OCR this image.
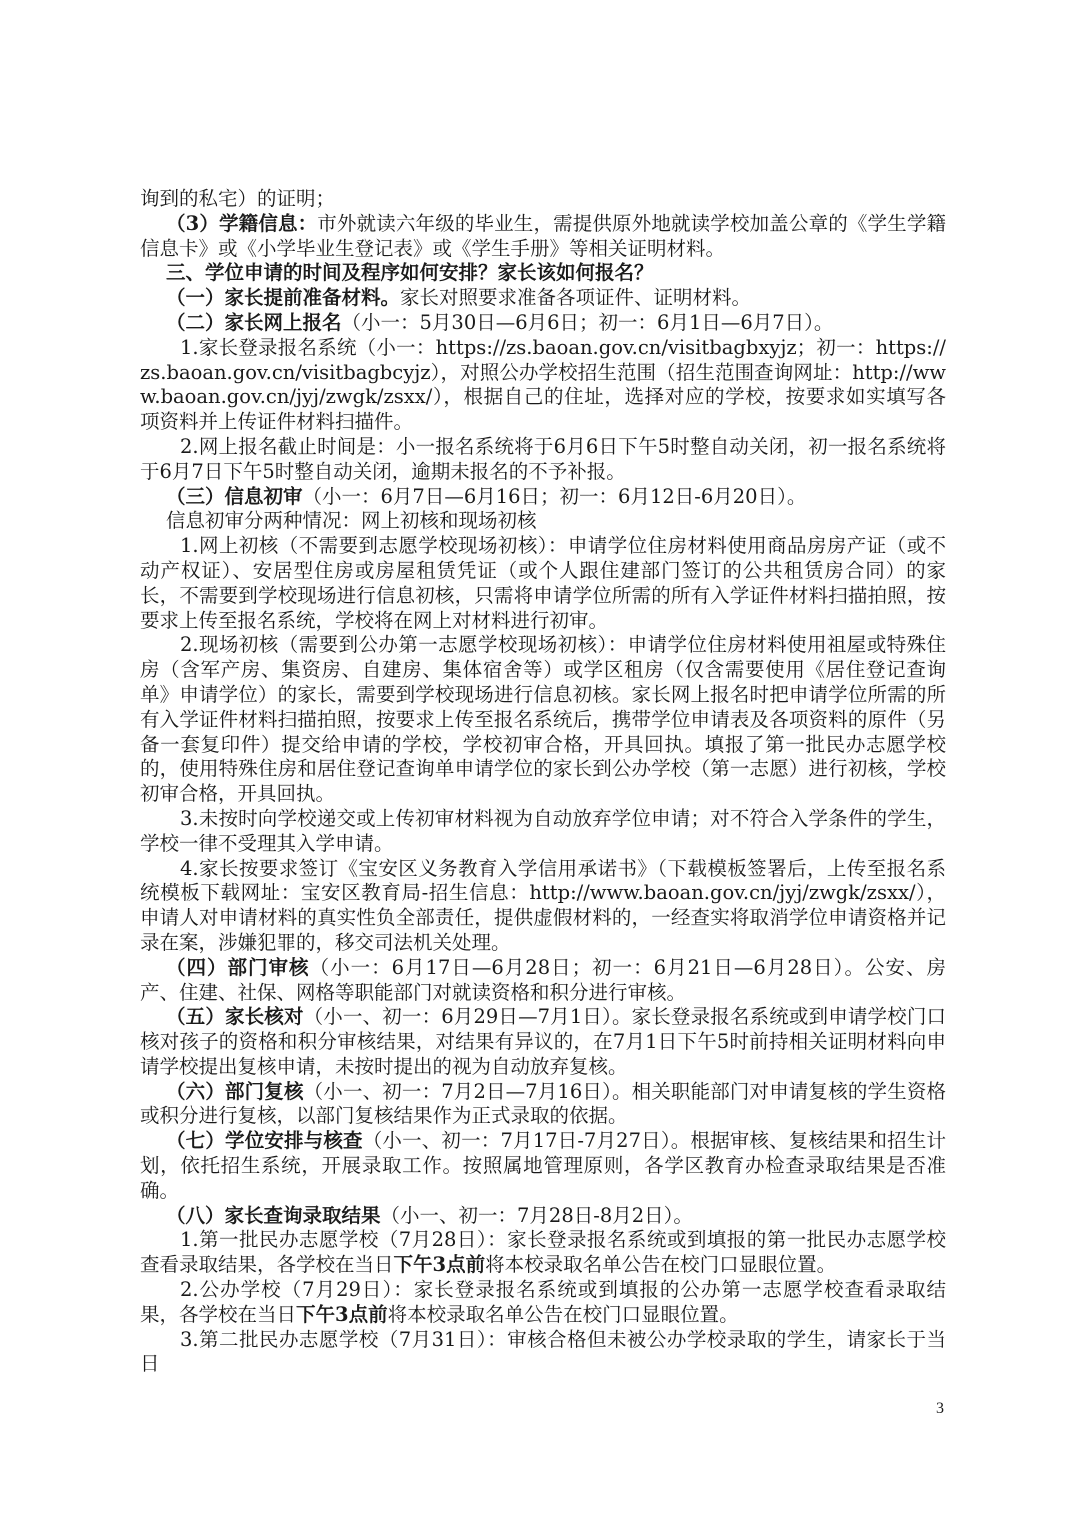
询到的私宅）的证明；

（3）学籍信息：市外就读六年级的毕业生，需提供原外地就读学校加盖公章的《学生学籍信息卡》或《小学毕业生登记表》或《学生手册》等相关证明材料。

三、学位申请的时间及程序如何安排？家长该如何报名？

（一）家长提前准备材料。家长对照要求准备各项证件、证明材料。

（二）家长网上报名（小一：5月30日—6月6日；初一：6月1日—6月7日）。

1.家长登录报名系统（小一：https://zs.baoan.gov.cn/visitbagbxyjz；初一：https://zs.baoan.gov.cn/visitbagbcyjz），对照公办学校招生范围（招生范围查询网址：http://www.baoan.gov.cn/jyj/zwgk/zsxx/），根据自己的住址，选择对应的学校，按要求如实填写各项资料并上传证件材料扫描件。

2.网上报名截止时间是：小一报名系统将于6月6日下午5时整自动关闭，初一报名系统将于6月7日下午5时整自动关闭，逾期未报名的不予补报。

（三）信息初审（小一：6月7日—6月16日；初一：6月12日-6月20日）。

信息初审分两种情况：网上初核和现场初核

1.网上初核（不需要到志愿学校现场初核）：申请学位住房材料使用商品房房产证（或不动产权证）、安居型住房或房屋租赁凭证（或个人跟住建部门签订的公共租赁房合同）的家长，不需要到学校现场进行信息初核，只需将申请学位所需的所有入学证件材料扫描拍照，按要求上传至报名系统，学校将在网上对材料进行初审。

2.现场初核（需要到公办第一志愿学校现场初核）：申请学位住房材料使用祖屋或特殊住房（含军产房、集资房、自建房、集体宿舍等）或学区租房（仅含需要使用《居住登记查询单》申请学位）的家长，需要到学校现场进行信息初核。家长网上报名时把申请学位所需的所有入学证件材料扫描拍照，按要求上传至报名系统后，携带学位申请表及各项资料的原件（另备一套复印件）提交给申请的学校，学校初审合格，开具回执。填报了第一批民办志愿学校的，使用特殊住房和居住登记查询单申请学位的家长到公办学校（第一志愿）进行初核，学校初审合格，开具回执。

3.未按时向学校递交或上传初审材料视为自动放弃学位申请；对不符合入学条件的学生，学校一律不受理其入学申请。

4.家长按要求签订《宝安区义务教育入学信用承诺书》（下载模板签署后，上传至报名系统模板下载网址：宝安区教育局-招生信息：http://www.baoan.gov.cn/jyj/zwgk/zsxx/），申请人对申请材料的真实性负全部责任，提供虚假材料的，一经查实将取消学位申请资格并记录在案，涉嫌犯罪的，移交司法机关处理。

（四）部门审核（小一：6月17日—6月28日；初一：6月21日—6月28日）。公安、房产、住建、社保、网格等职能部门对就读资格和积分进行审核。

（五）家长核对（小一、初一：6月29日—7月1日）。家长登录报名系统或到申请学校门口核对孩子的资格和积分审核结果，对结果有异议的，在7月1日下午5时前持相关证明材料向申请学校提出复核申请，未按时提出的视为自动放弃复核。

（六）部门复核（小一、初一：7月2日—7月16日）。相关职能部门对申请复核的学生资格或积分进行复核，以部门复核结果作为正式录取的依据。

（七）学位安排与核查（小一、初一：7月17日-7月27日）。根据审核、复核结果和招生计划，依托招生系统，开展录取工作。按照属地管理原则，各学区教育办检查录取结果是否准确。

（八）家长查询录取结果（小一、初一：7月28日-8月2日）。

1.第一批民办志愿学校（7月28日）：家长登录报名系统或到填报的第一批民办志愿学校查看录取结果，各学校在当日下午3点前将本校录取名单公告在校门口显眼位置。

2.公办学校（7月29日）：家长登录报名系统或到填报的公办第一志愿学校查看录取结果，各学校在当日下午3点前将本校录取名单公告在校门口显眼位置。

3.第二批民办志愿学校（7月31日）：审核合格但未被公办学校录取的学生，请家长于当日

3
